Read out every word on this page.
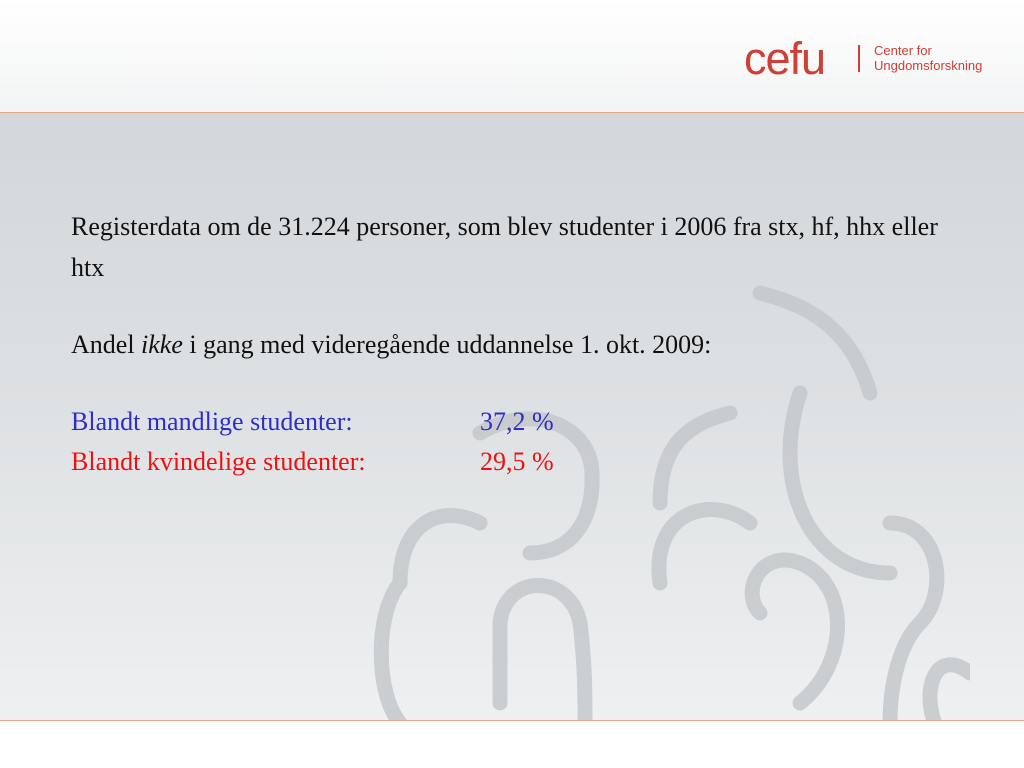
cefu	Center for
Ungdomsforskning

Registerdata om de 31.224 personer, som blev studenter i 2006 fra stx, hf, hhx eller htx

Andel ikke i gang med videregående uddannelse 1. okt. 2009:

Blandt mandlige studenter:	37,2 %
Blandt kvindelige studenter:	29,5 %
